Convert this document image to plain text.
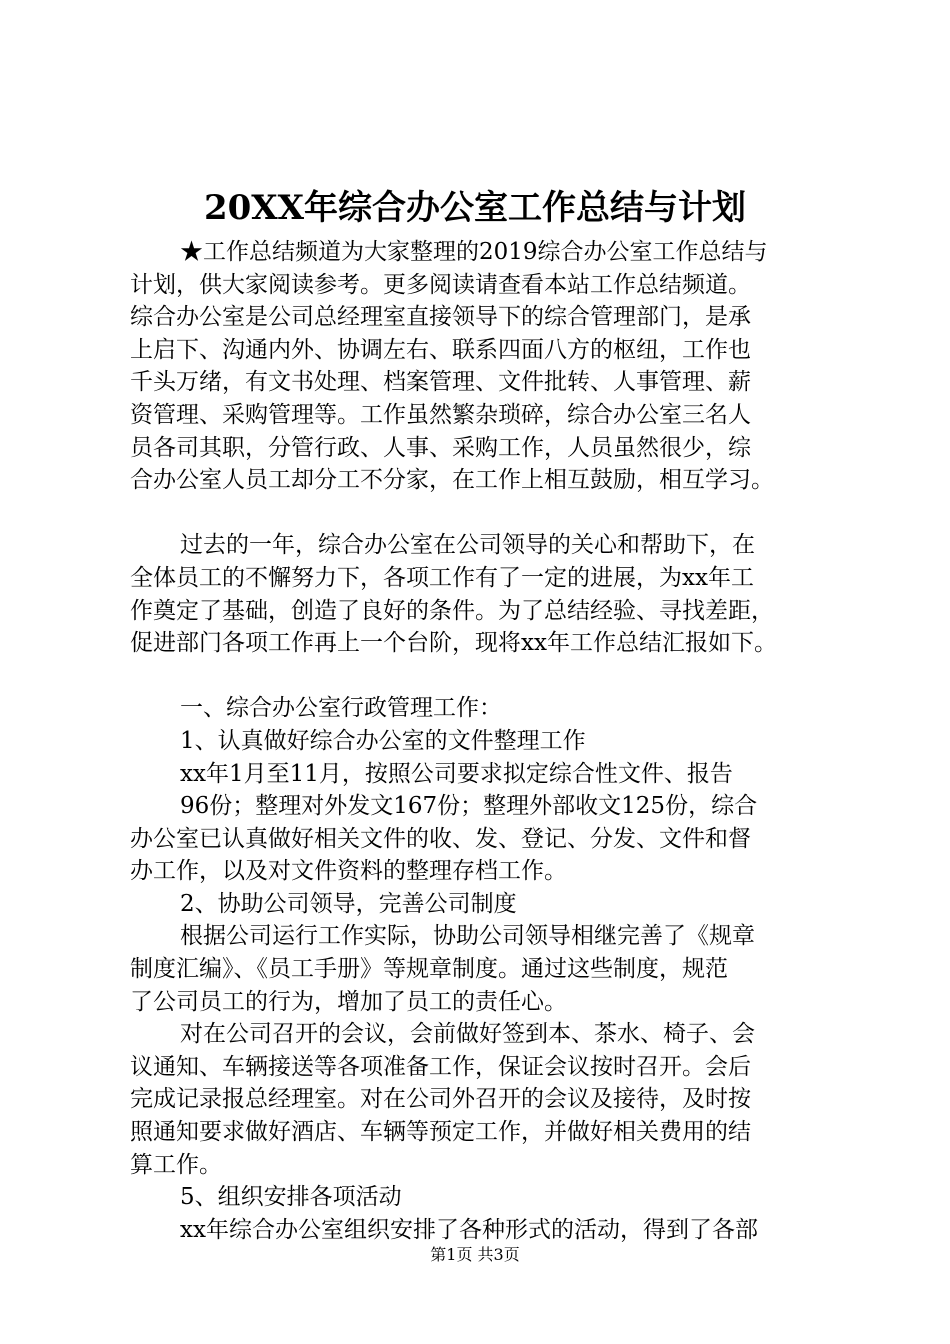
20XX年综合办公室工作总结与计划
★工作总结频道为大家整理的2019综合办公室工作总结与
计划，供大家阅读参考。更多阅读请查看本站工作总结频道。
综合办公室是公司总经理室直接领导下的综合管理部门，是承
上启下、沟通内外、协调左右、联系四面八方的枢纽，工作也
千头万绪，有文书处理、档案管理、文件批转、人事管理、薪
资管理、采购管理等。工作虽然繁杂琐碎，综合办公室三名人
员各司其职，分管行政、人事、采购工作，人员虽然很少，综
合办公室人员工却分工不分家，在工作上相互鼓励，相互学习。
过去的一年，综合办公室在公司领导的关心和帮助下，在
全体员工的不懈努力下，各项工作有了一定的进展，为xx年工
作奠定了基础，创造了良好的条件。为了总结经验、寻找差距，
促进部门各项工作再上一个台阶，现将xx年工作总结汇报如下。
一、综合办公室行政管理工作：
1、认真做好综合办公室的文件整理工作
xx年1月至11月，按照公司要求拟定综合性文件、报告
96份；整理对外发文167份；整理外部收文125份，综合
办公室已认真做好相关文件的收、发、登记、分发、文件和督
办工作，以及对文件资料的整理存档工作。
2、协助公司领导，完善公司制度
根据公司运行工作实际，协助公司领导相继完善了《规章
制度汇编》、《员工手册》等规章制度。通过这些制度，规范
了公司员工的行为，增加了员工的责任心。
对在公司召开的会议，会前做好签到本、茶水、椅子、会
议通知、车辆接送等各项准备工作，保证会议按时召开。会后
完成记录报总经理室。对在公司外召开的会议及接待，及时按
照通知要求做好酒店、车辆等预定工作，并做好相关费用的结
算工作。
5、组织安排各项活动
xx年综合办公室组织安排了各种形式的活动，得到了各部
第1页 共3页
